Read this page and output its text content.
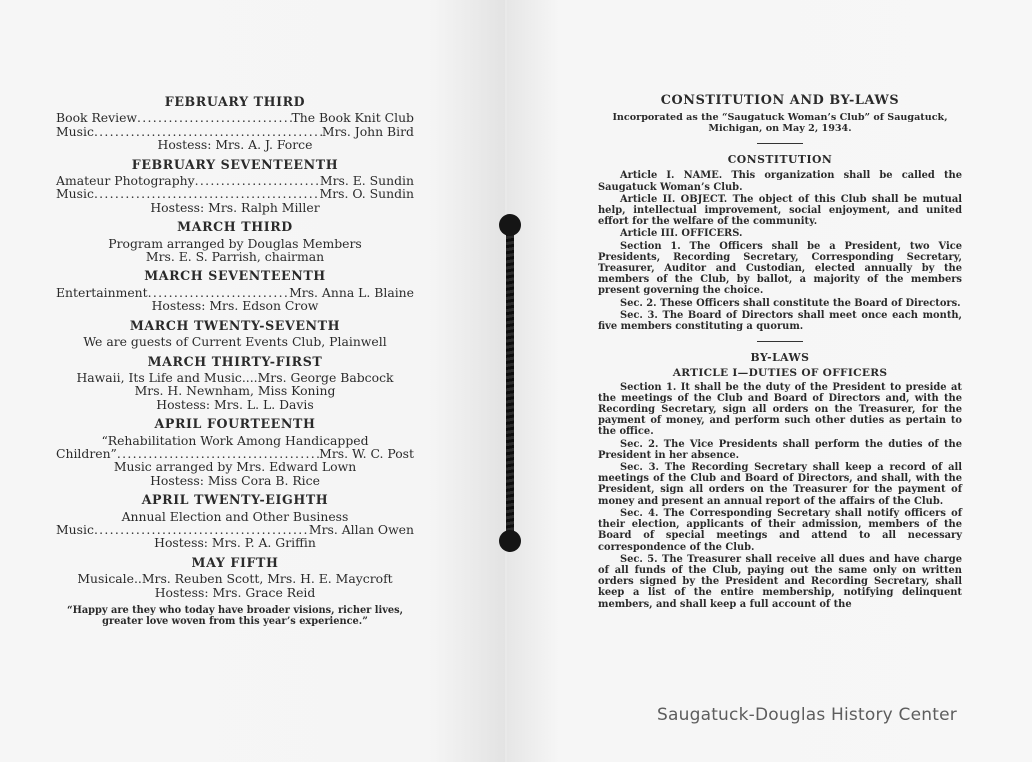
FEBRUARY THIRD
Book Review .....	The Book Knit Club
Music .....	Mrs. John Bird
Hostess: Mrs. A. J. Force
FEBRUARY SEVENTEENTH
Amateur Photography .....	Mrs. E. Sundin
Music .....	Mrs. O. Sundin
Hostess: Mrs. Ralph Miller
MARCH THIRD
Program arranged by Douglas Members
Mrs. E. S. Parrish, chairman
MARCH SEVENTEENTH
Entertainment .....	Mrs. Anna L. Blaine
Hostess: Mrs. Edson Crow
MARCH TWENTY-SEVENTH
We are guests of Current Events Club, Plainwell
MARCH THIRTY-FIRST
Hawaii, Its Life and Music....Mrs. George Babcock
Mrs. H. Newnham, Miss Koning
Hostess: Mrs. L. L. Davis
APRIL FOURTEENTH
“Rehabilitation Work Among Handicapped
Children” .....	Mrs. W. C. Post
Music arranged by Mrs. Edward Lown
Hostess: Miss Cora B. Rice
APRIL TWENTY-EIGHTH
Annual Election and Other Business
Music .....	Mrs. Allan Owen
Hostess: Mrs. P. A. Griffin
MAY FIFTH
Musicale..Mrs. Reuben Scott, Mrs. H. E. Maycroft
Hostess: Mrs. Grace Reid
“Happy are they who today have broader visions, richer lives, greater love woven from this year’s experience.”
CONSTITUTION AND BY-LAWS
Incorporated as the “Saugatuck Woman’s Club” of Saugatuck, Michigan, on May 2, 1934.
CONSTITUTION
Article I. NAME. This organization shall be called the Saugatuck Woman’s Club.
Article II. OBJECT. The object of this Club shall be mutual help, intellectual improvement, social enjoyment, and united effort for the welfare of the community.
Article III. OFFICERS.
Section 1. The Officers shall be a President, two Vice Presidents, Recording Secretary, Corresponding Secretary, Treasurer, Auditor and Custodian, elected annually by the members of the Club, by ballot, a majority of the members present governing the choice.
Sec. 2. These Officers shall constitute the Board of Directors.
Sec. 3. The Board of Directors shall meet once each month, five members constituting a quorum.
BY-LAWS
ARTICLE I—DUTIES OF OFFICERS
Section 1. It shall be the duty of the President to preside at the meetings of the Club and Board of Directors and, with the Recording Secretary, sign all orders on the Treasurer, for the payment of money, and perform such other duties as pertain to the office.
Sec. 2. The Vice Presidents shall perform the duties of the President in her absence.
Sec. 3. The Recording Secretary shall keep a record of all meetings of the Club and Board of Directors, and shall, with the President, sign all orders on the Treasurer for the payment of money and present an annual report of the affairs of the Club.
Sec. 4. The Corresponding Secretary shall notify officers of their election, applicants of their admission, members of the Board of special meetings and attend to all necessary correspondence of the Club.
Sec. 5. The Treasurer shall receive all dues and have charge of all funds of the Club, paying out the same only on written orders signed by the President and Recording Secretary, shall keep a list of the entire membership, notifying delinquent members, and shall keep a full account of the
Saugatuck-Douglas History Center
